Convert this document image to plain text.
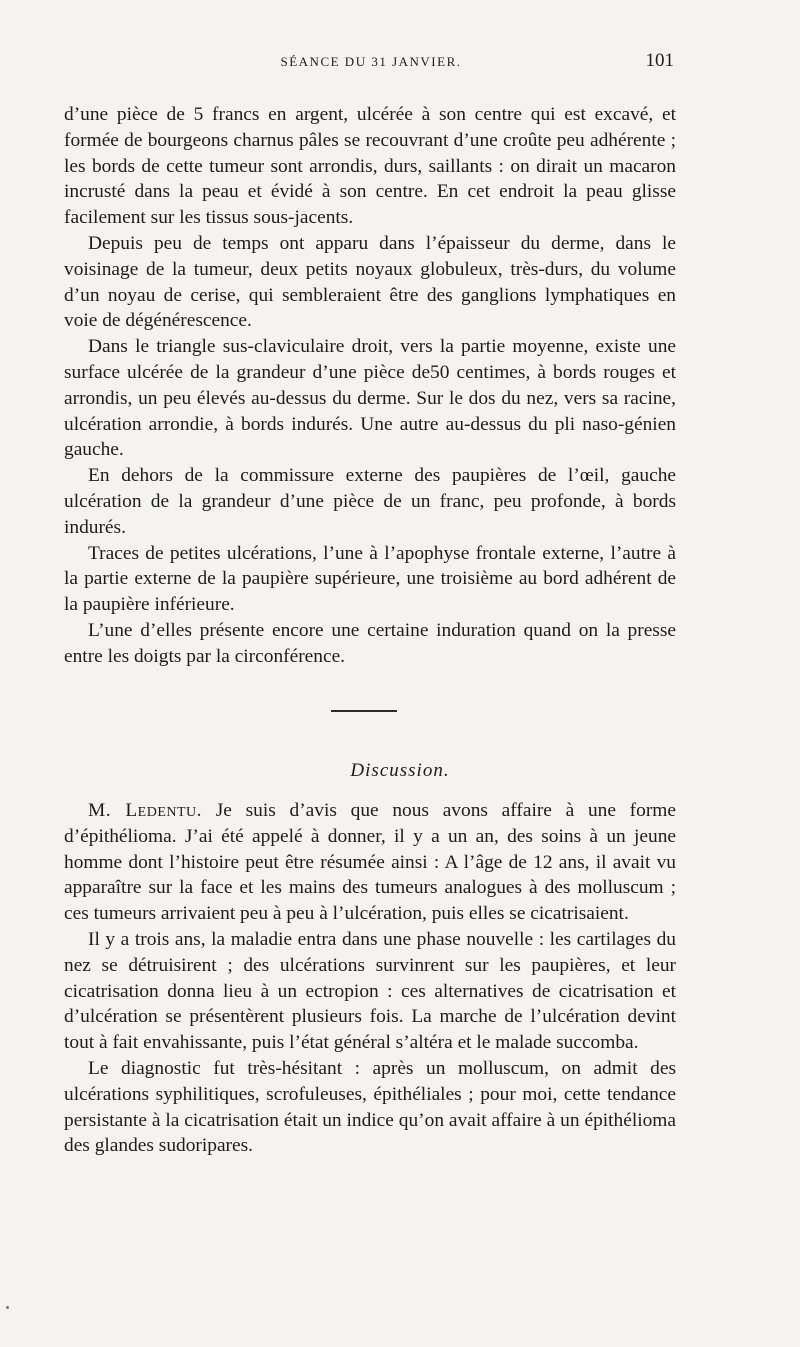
SÉANCE DU 31 JANVIER.	101

d’une pièce de 5 francs en argent, ulcérée à son centre qui est excavé, et formée de bourgeons charnus pâles se recouvrant d’une croûte peu adhérente ; les bords de cette tumeur sont arrondis, durs, saillants : on dirait un macaron incrusté dans la peau et évidé à son centre. En cet endroit la peau glisse facilement sur les tissus sous-jacents.

Depuis peu de temps ont apparu dans l’épaisseur du derme, dans le voisinage de la tumeur, deux petits noyaux globuleux, très-durs, du volume d’un noyau de cerise, qui sembleraient être des ganglions lymphatiques en voie de dégénérescence.

Dans le triangle sus-claviculaire droit, vers la partie moyenne, existe une surface ulcérée de la grandeur d’une pièce de50 centimes, à bords rouges et arrondis, un peu élevés au-dessus du derme. Sur le dos du nez, vers sa racine, ulcération arrondie, à bords indurés. Une autre au-dessus du pli naso-génien gauche.

En dehors de la commissure externe des paupières de l’œil, gauche ulcération de la grandeur d’une pièce de un franc, peu profonde, à bords indurés.

Traces de petites ulcérations, l’une à l’apophyse frontale externe, l’autre à la partie externe de la paupière supérieure, une troisième au bord adhérent de la paupière inférieure.

L’une d’elles présente encore une certaine induration quand on la presse entre les doigts par la circonférence.

Discussion.

M. Ledentu. Je suis d’avis que nous avons affaire à une forme d’épithélioma. J’ai été appelé à donner, il y a un an, des soins à un jeune homme dont l’histoire peut être résumée ainsi : A l’âge de 12 ans, il avait vu apparaître sur la face et les mains des tumeurs analogues à des molluscum ; ces tumeurs arrivaient peu à peu à l’ulcération, puis elles se cicatrisaient.

Il y a trois ans, la maladie entra dans une phase nouvelle : les cartilages du nez se détruisirent ; des ulcérations survinrent sur les paupières, et leur cicatrisation donna lieu à un ectropion : ces alternatives de cicatrisation et d’ulcération se présentèrent plusieurs fois. La marche de l’ulcération devint tout à fait envahissante, puis l’état général s’altéra et le malade succomba.

Le diagnostic fut très-hésitant : après un molluscum, on admit des ulcérations syphilitiques, scrofuleuses, épithéliales ; pour moi, cette tendance persistante à la cicatrisation était un indice qu’on avait affaire à un épithélioma des glandes sudoripares.
